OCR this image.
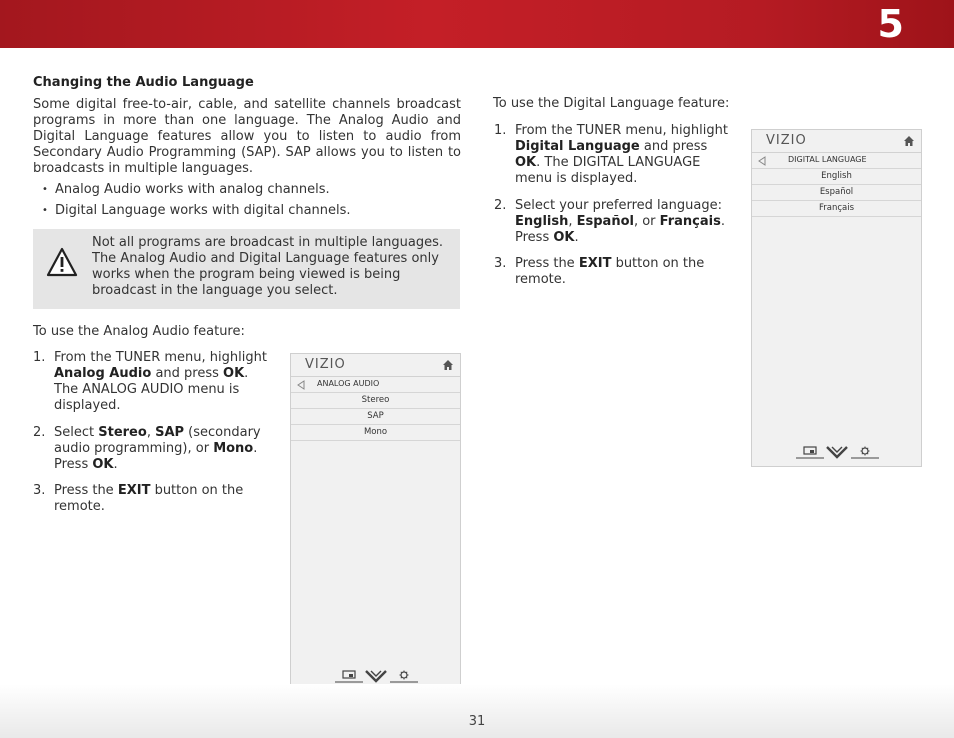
5
Changing the Audio Language

Some digital free-to-air, cable, and satellite channels broadcast programs in more than one language. The Analog Audio and Digital Language features allow you to listen to audio from Secondary Audio Programming (SAP). SAP allows you to listen to broadcasts in multiple languages.

• Analog Audio works with analog channels.
• Digital Language works with digital channels.

Not all programs are broadcast in multiple languages. The Analog Audio and Digital Language features only works when the program being viewed is being broadcast in the language you select.

To use the Analog Audio feature:
1. From the TUNER menu, highlight Analog Audio and press OK. The ANALOG AUDIO menu is displayed.
2. Select Stereo, SAP (secondary audio programming), or Mono. Press OK.
3. Press the EXIT button on the remote.
VIZIO
ANALOG AUDIO
Stereo
SAP
Mono
To use the Digital Language feature:
1. From the TUNER menu, highlight Digital Language and press OK. The DIGITAL LANGUAGE menu is displayed.
2. Select your preferred language: English, Español, or Français. Press OK.
3. Press the EXIT button on the remote.
VIZIO
DIGITAL LANGUAGE
English
Español
Français
31
